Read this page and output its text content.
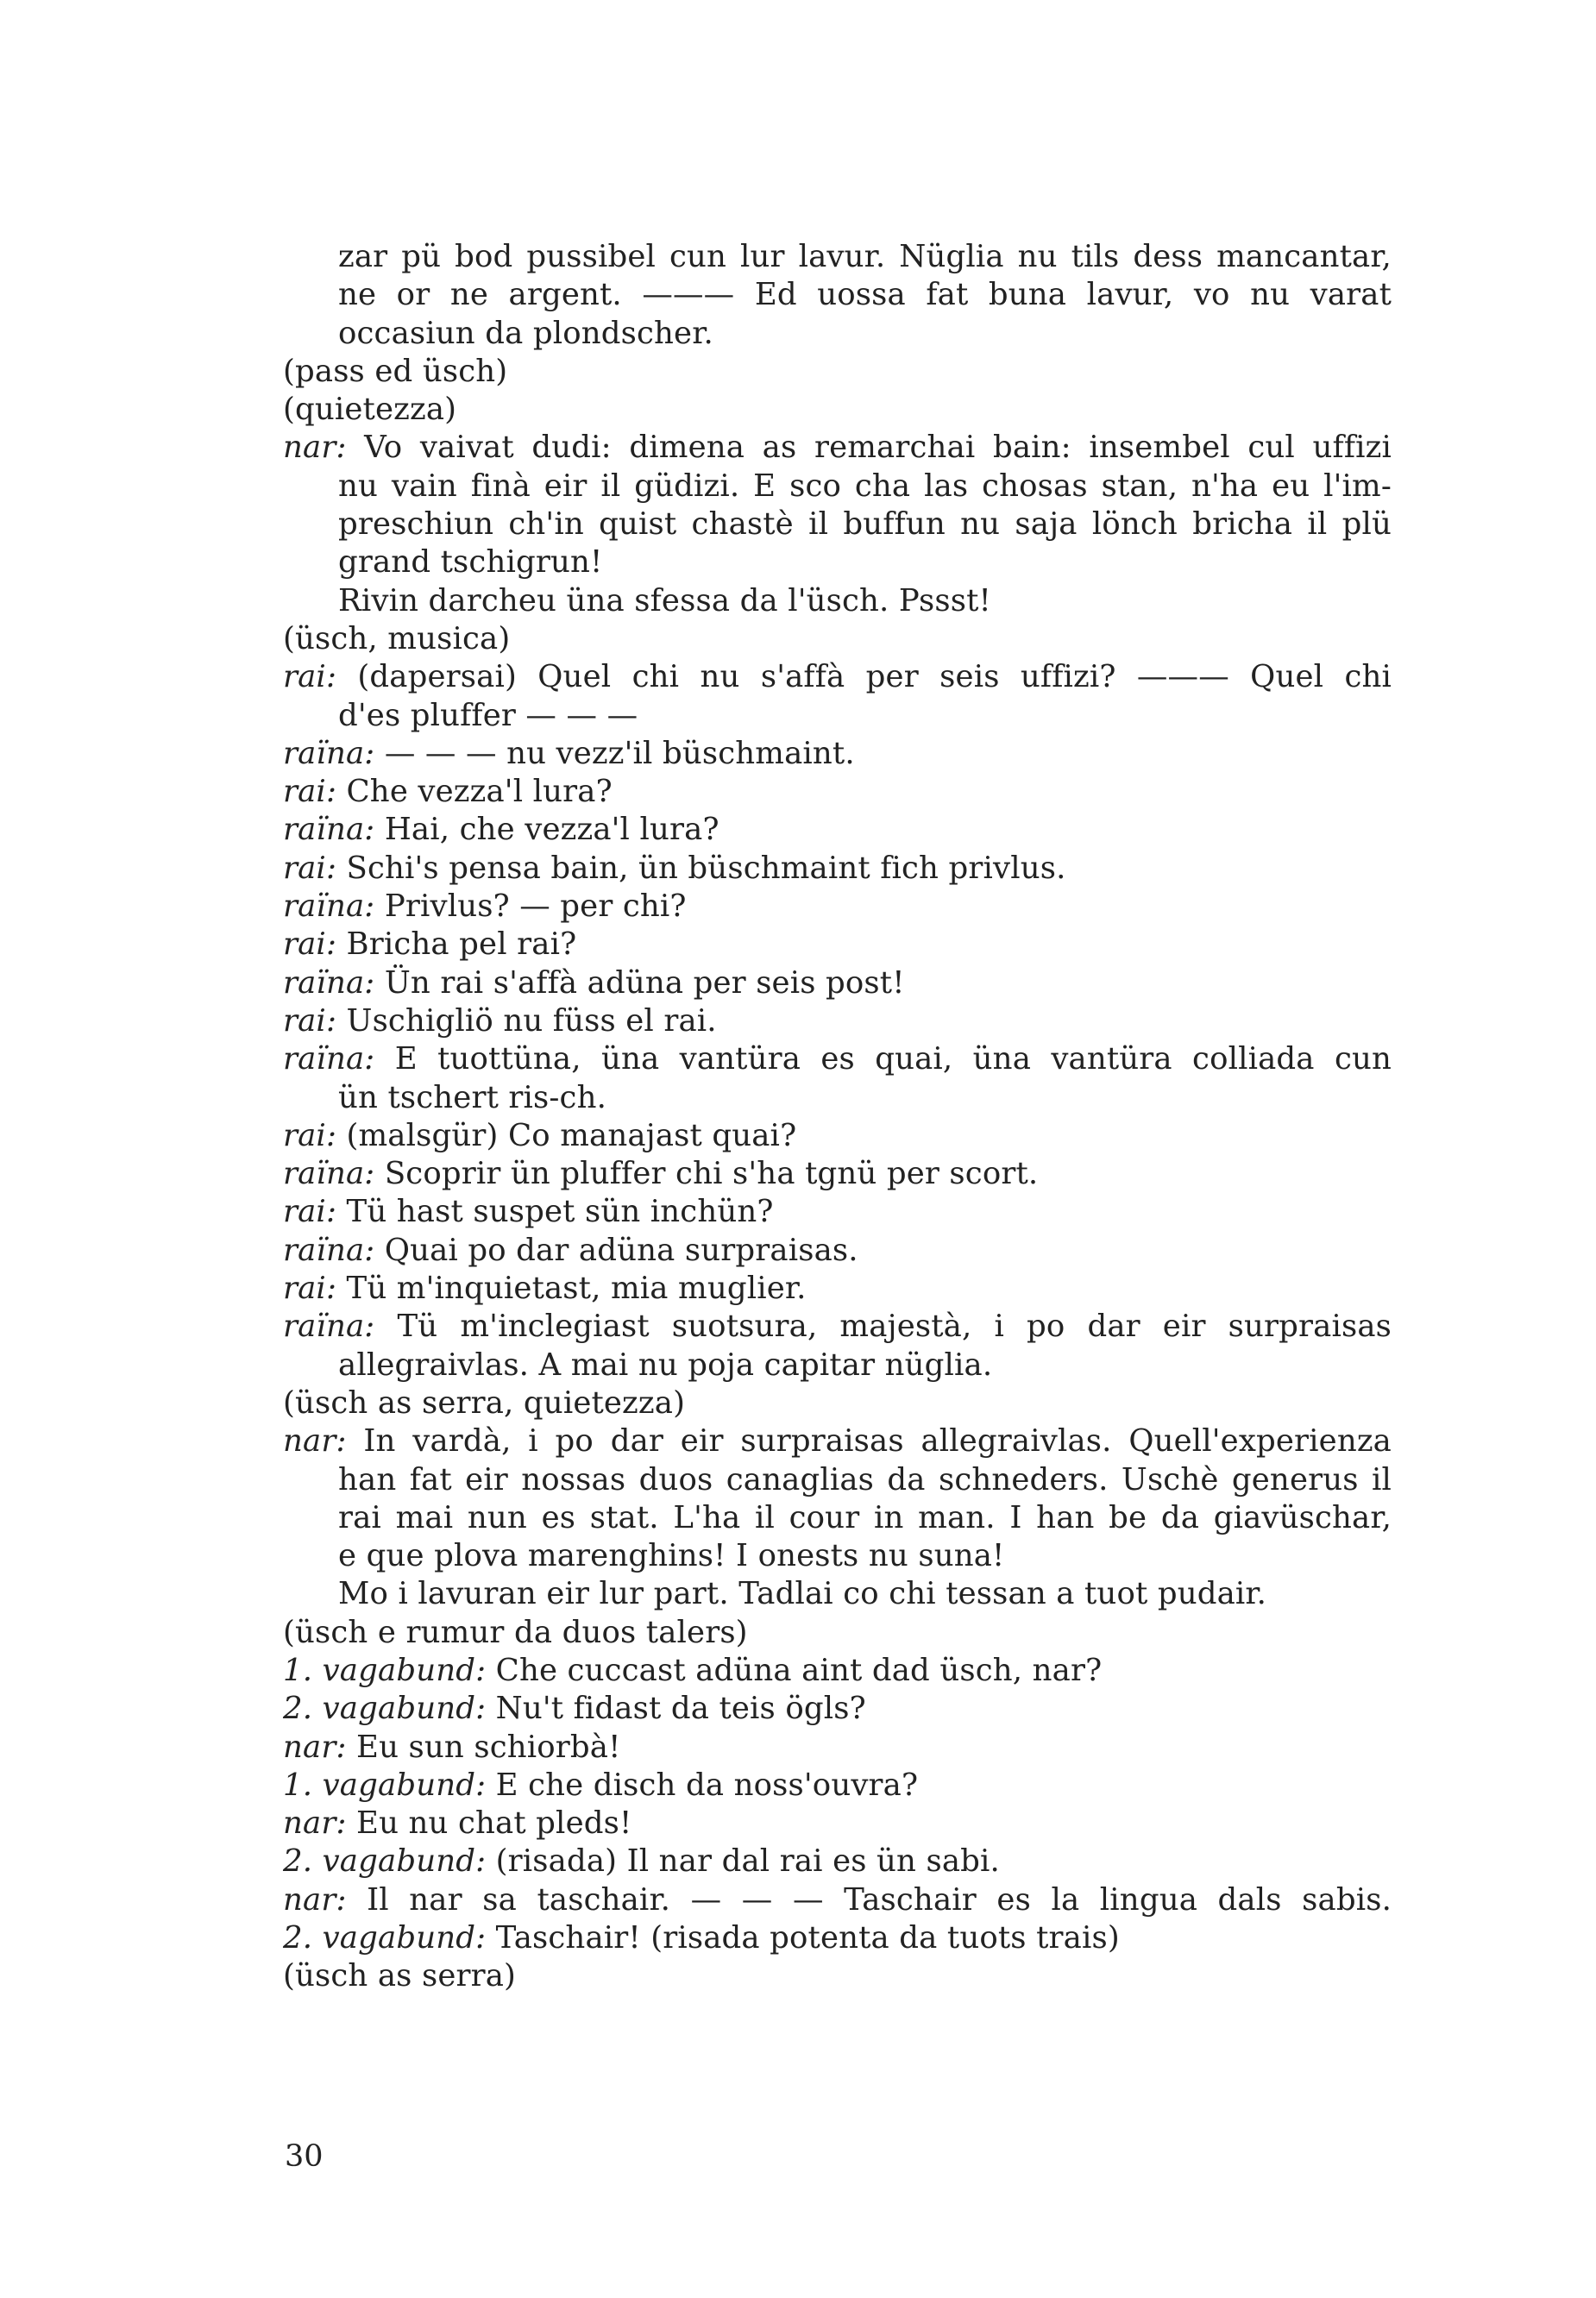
zar pü bod pussibel cun lur lavur. Nüglia nu tils dess mancantar,
ne or ne argent. ——— Ed uossa fat buna lavur, vo nu varat
occasiun da plondscher.
(pass ed üsch)
(quietezza)
nar: Vo vaivat dudi: dimena as remarchai bain: insembel cul uffizi
nu vain finà eir il güdizi. E sco cha las chosas stan, n'ha eu l'im-
preschiun ch'in quist chastè il buffun nu saja lönch bricha il plü
grand tschigrun!
Rivin darcheu üna sfessa da l'üsch. Pssst!
(üsch, musica)
rai: (dapersai) Quel chi nu s'affà per seis uffizi? ——— Quel chi
d'es pluffer — — —
raïna: — — — nu vezz'il büschmaint.
rai: Che vezza'l lura?
raïna: Hai, che vezza'l lura?
rai: Schi's pensa bain, ün büschmaint fich privlus.
raïna: Privlus? — per chi?
rai: Bricha pel rai?
raïna: Ün rai s'affà adüna per seis post!
rai: Uschigliö nu füss el rai.
raïna: E tuottüna, üna vantüra es quai, üna vantüra colliada cun
ün tschert ris-ch.
rai: (malsgür) Co manajast quai?
raïna: Scoprir ün pluffer chi s'ha tgnü per scort.
rai: Tü hast suspet sün inchün?
raïna: Quai po dar adüna surpraisas.
rai: Tü m'inquietast, mia muglier.
raïna: Tü m'inclegiast suotsura, majestà, i po dar eir surpraisas
allegraivlas. A mai nu poja capitar nüglia.
(üsch as serra, quietezza)
nar: In vardà, i po dar eir surpraisas allegraivlas. Quell'experienza
han fat eir nossas duos canaglias da schneders. Uschè generus il
rai mai nun es stat. L'ha il cour in man. I han be da giavüschar,
e que plova marenghins! I onests nu suna!
Mo i lavuran eir lur part. Tadlai co chi tessan a tuot pudair.
(üsch e rumur da duos talers)
1. vagabund: Che cuccast adüna aint dad üsch, nar?
2. vagabund: Nu't fidast da teis ögls?
nar: Eu sun schiorbà!
1. vagabund: E che disch da noss'ouvra?
nar: Eu nu chat pleds!
2. vagabund: (risada) Il nar dal rai es ün sabi.
nar: Il nar sa taschair. — — — Taschair es la lingua dals sabis.
2. vagabund: Taschair! (risada potenta da tuots trais)
(üsch as serra)
30
